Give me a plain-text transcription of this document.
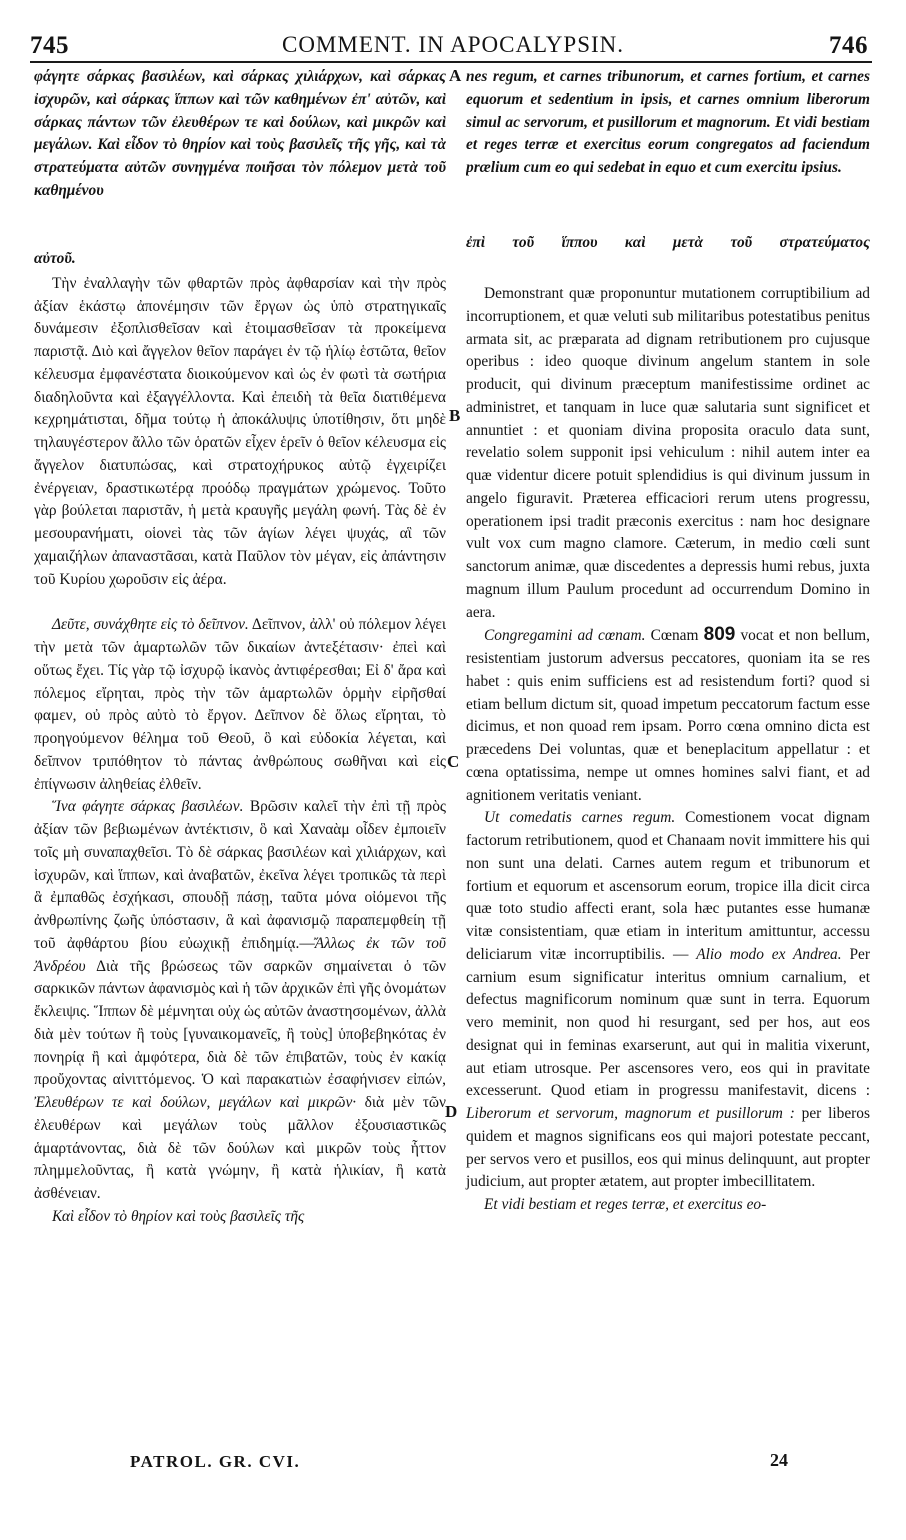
745	COMMENT. IN APOCALYPSIN.	746

φάγητε σάρκας βασιλέων, καὶ σάρκας χιλιάρχων, καὶ σάρκας ἰσχυρῶν, καὶ σάρκας ἵππων καὶ τῶν καθημένων ἐπ' αὐτῶν, καὶ σάρκας πάντων τῶν ἐλευθέρων τε καὶ δούλων, καὶ μικρῶν καὶ μεγάλων. Καὶ εἶδον τὸ θηρίον καὶ τοὺς βασιλεῖς τῆς γῆς, καὶ τὰ στρατεύματα αὐτῶν συνηγμένα ποιῆσαι τὸν πόλεμον μετὰ τοῦ καθημένου

αὐτοῦ.

Τὴν ἐναλλαγὴν τῶν φθαρτῶν πρὸς ἀφθαρσίαν καὶ τὴν πρὸς ἀξίαν ἑκάστῳ ἀπονέμησιν τῶν ἔργων ὡς ὑπὸ στρατηγικαῖς δυνάμεσιν ἐξοπλισθεῖσαν καὶ ἑτοιμασθεῖσαν τὰ προκείμενα παριστᾷ. Διὸ καὶ ἄγγελον θεῖον παράγει ἐν τῷ ἡλίῳ ἑστῶτα, θεῖον κέλευσμα ἐμφανέστατα διοικούμενον καὶ ὡς ἐν φωτὶ τὰ σωτήρια διαδηλοῦντα καὶ ἐξαγγέλλοντα. Καὶ ἐπειδὴ τὰ θεῖα διατιθέμενα κεχρημάτισται, δῆμα τούτῳ ἡ ἀποκάλυψις ὑποτίθησιν, ὅτι μηδὲ τηλαυγέστερον ἄλλο τῶν ὁρατῶν εἶχεν ἑρεῖν ὁ θεῖον κέλευσμα εἰς ἄγγελον διατυπώσας, καὶ στρατοχήρυκος αὐτῷ ἐγχειρίζει ἐνέργειαν, δραστικωτέρᾳ προόδῳ πραγμάτων χρώμενος. Τοῦτο γὰρ βούλεται παριστᾶν, ἡ μετὰ κραυγῆς μεγάλη φωνή. Τὰς δὲ ἐν μεσουρανήματι, οἱονεὶ τὰς τῶν ἁγίων λέγει ψυχάς, αἳ τῶν χαμαιζήλων ἀπαναστᾶσαι, κατὰ Παῦλον τὸν μέγαν, εἰς ἀπάντησιν τοῦ Κυρίου χωροῦσιν εἰς ἀέρα.

Δεῦτε, συνάχθητε εἰς τὸ δεῖπνον. Δεῖπνον, ἀλλ' οὐ πόλεμον λέγει τὴν μετὰ τῶν ἁμαρτωλῶν τῶν δικαίων ἀντεξέτασιν· ἐπεὶ καὶ οὕτως ἔχει. Τίς γὰρ τῷ ἰσχυρῷ ἱκανὸς ἀντιφέρεσθαι; Εἰ δ' ἄρα καὶ πόλεμος εἴρηται, πρὸς τὴν τῶν ἁμαρτωλῶν ὁρμὴν εἰρῆσθαί φαμεν, οὐ πρὸς αὐτὸ τὸ ἔργον. Δεῖπνον δὲ ὅλως εἴρηται, τὸ προηγούμενον θέλημα τοῦ Θεοῦ, ὃ καὶ εὐδοκία λέγεται, καὶ δεῖπνον τριπόθητον τὸ πάντας ἀνθρώπους σωθῆναι καὶ εἰς ἐπίγνωσιν ἀληθείας ἐλθεῖν.

Ἵνα φάγητε σάρκας βασιλέων. Βρῶσιν καλεῖ τὴν ἐπὶ τῇ πρὸς ἀξίαν τῶν βεβιωμένων ἀντέκτισιν, ὃ καὶ Χαναὰμ οἶδεν ἐμποιεῖν τοῖς μὴ συναπαχθεῖσι. Τὸ δὲ σάρκας βασιλέων καὶ χιλιάρχων, καὶ ἰσχυρῶν, καὶ ἵππων, καὶ ἀναβατῶν, ἐκεῖνα λέγει τροπικῶς τὰ περὶ ἃ ἐμπαθῶς ἐσχήκασι, σπουδῇ πάσῃ, ταῦτα μόνα οἰόμενοι τῆς ἀνθρωπίνης ζωῆς ὑπόστασιν, ἃ καὶ ἀφανισμῷ παραπεμφθείη τῇ τοῦ ἀφθάρτου βίου εὐωχικῇ ἐπιδημίᾳ.—Ἄλλως ἐκ τῶν τοῦ Ἀνδρέου Διὰ τῆς βρώσεως τῶν σαρκῶν σημαίνεται ὁ τῶν σαρκικῶν πάντων ἀφανισμὸς καὶ ἡ τῶν ἀρχικῶν ἐπὶ γῆς ὀνομάτων ἔκλειψις. Ἵππων δὲ μέμνηται οὐχ ὡς αὐτῶν ἀναστησομένων, ἀλλὰ διὰ μὲν τούτων ἢ τοὺς [γυναικομανεῖς, ἢ τοὺς] ὑποβεβηκότας ἐν πονηρίᾳ ἢ καὶ ἀμφότερα, διὰ δὲ τῶν ἐπιβατῶν, τοὺς ἐν κακίᾳ προὔχοντας αἰνιττόμενος. Ὁ καὶ παρακατιὼν ἐσαφήνισεν εἰπών, Ἐλευθέρων τε καὶ δούλων, μεγάλων καὶ μικρῶν· διὰ μὲν τῶν ἐλευθέρων καὶ μεγάλων τοὺς μᾶλλον ἐξουσιαστικῶς ἁμαρτάνοντας, διὰ δὲ τῶν δούλων καὶ μικρῶν τοὺς ἧττον πλημμελοῦντας, ἢ κατὰ γνώμην, ἢ κατὰ ἡλικίαν, ἢ κατὰ ἀσθένειαν.

Καὶ εἶδον τὸ θηρίον καὶ τοὺς βασιλεῖς τῆς

ἐπὶ τοῦ ἵππου καὶ μετὰ τοῦ στρατεύματος

nes regum, et carnes tribunorum, et carnes fortium, et carnes equorum et sedentium in ipsis, et carnes omnium liberorum simul ac servorum, et pusillorum et magnorum. Et vidi bestiam et reges terræ et exercitus eorum congregatos ad faciendum prælium cum eo qui sedebat in equo et cum exercitu ipsius.

Demonstrant quæ proponuntur mutationem corruptibilium ad incorruptionem, et quæ veluti sub militaribus potestatibus penitus armata sit, ac præparata ad dignam retributionem pro cujusque operibus : ideo quoque divinum angelum stantem in sole producit, qui divinum præceptum manifestissime ordinet ac administret, et tanquam in luce quæ salutaria sunt significet et annuntiet : et quoniam divina proposita oraculo data sunt, revelatio solem supponit ipsi vehiculum : nihil autem inter ea quæ videntur dicere potuit splendidius is qui divinum jussum in angelo figuravit. Præterea efficaciori rerum utens progressu, operationem ipsi tradit præconis exercitus : nam hoc designare vult vox cum magno clamore. Cæterum, in medio cœli sunt sanctorum animæ, quæ discedentes a depressis humi rebus, juxta magnum illum Paulum procedunt ad occurrendum Domino in aera.

Congregamini ad cœnam. Cœnam 809 vocat et non bellum, resistentiam justorum adversus peccatores, quoniam ita se res habet : quis enim sufficiens est ad resistendum forti? quod si etiam bellum dictum sit, quoad impetum peccatorum factum esse dicimus, et non quoad rem ipsam. Porro cœna omnino dicta est præcedens Dei voluntas, quæ et beneplacitum appellatur : et cœna optatissima, nempe ut omnes homines salvi fiant, et ad agnitionem veritatis veniant.

Ut comedatis carnes regum. Comestionem vocat dignam factorum retributionem, quod et Chanaam novit immittere his qui non sunt una delati. Carnes autem regum et tribunorum et fortium et equorum et ascensorum eorum, tropice illa dicit circa quæ toto studio affecti erant, sola hæc putantes esse humanæ vitæ consistentiam, quæ etiam in interitum amittuntur, accessu deliciarum vitæ incorruptibilis. — Alio modo ex Andrea. Per carnium esum significatur interitus omnium carnalium, et defectus magnificorum nominum quæ sunt in terra. Equorum vero meminit, non quod hi resurgant, sed per hos, aut eos designat qui in feminas exarserunt, aut qui in malitia vixerunt, aut etiam utrosque. Per ascensores vero, eos qui in pravitate excesserunt. Quod etiam in progressu manifestavit, dicens : Liberorum et servorum, magnorum et pusillorum : per liberos quidem et magnos significans eos qui majori potestate peccant, per servos vero et pusillos, eos qui minus delinquunt, aut propter judicium, aut propter ætatem, aut propter imbecillitatem.

Et vidi bestiam et reges terræ, et exercitus eo-

A
B
C
D
PATROL. GR. CVI.	24
